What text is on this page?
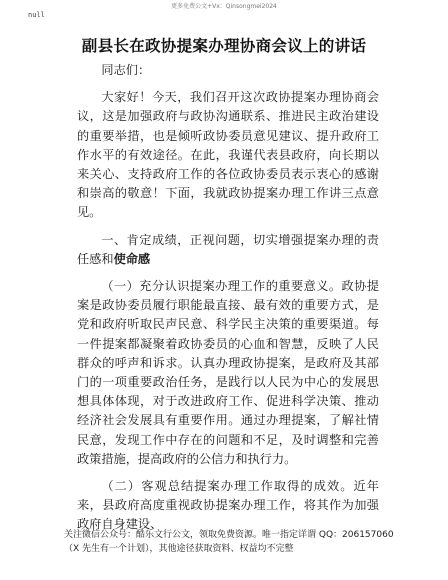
更多免费公文+Vx：Qinsongmei2024
null
副县长在政协提案办理协商会议上的讲话

同志们：

大家好！今天，我们召开这次政协提案办理协商会议，这是加强政府与政协沟通联系、推进民主政治建设的重要举措，也是倾听政协委员意见建议、提升政府工作水平的有效途径。在此，我谨代表县政府，向长期以来关心、支持政府工作的各位政协委员表示衷心的感谢和崇高的敬意！下面，我就政协提案办理工作讲三点意见。

一、肯定成绩，正视问题，切实增强提案办理的责任感和使命感

（一）充分认识提案办理工作的重要意义。政协提案是政协委员履行职能最直接、最有效的重要方式，是党和政府听取民声民意、科学民主决策的重要渠道。每一件提案都凝聚着政协委员的心血和智慧，反映了人民群众的呼声和诉求。认真办理政协提案，是政府及其部门的一项重要政治任务，是践行以人民为中心的发展思想具体体现，对于改进政府工作、促进科学决策、推动经济社会发展具有重要作用。通过办理提案，了解社情民意，发现工作中存在的问题和不足，及时调整和完善政策措施，提高政府的公信力和执行力。

（二）客观总结提案办理工作取得的成效。近年来，县政府高度重视政协提案办理工作，将其作为加强政府自身建设、

关注微信公众号：酷乐文行公文，领取免费资源。唯一指定详谓 QQ：206157060

（X 先生有一个计划），其他途径获取资料、权益均不完整
